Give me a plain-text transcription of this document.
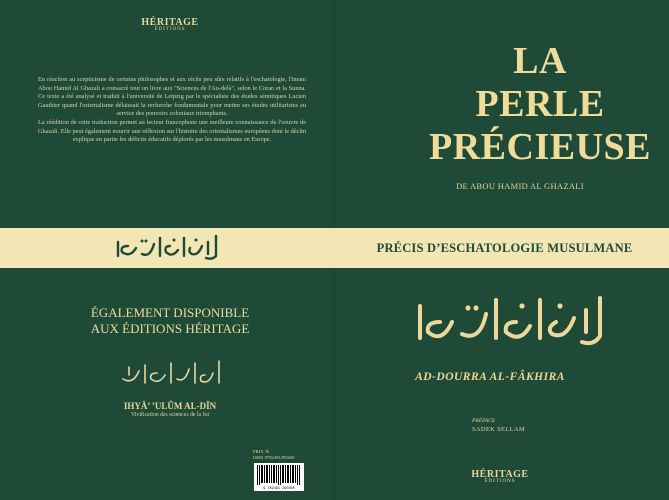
HÉRITAGE
ÉDITIONS

En réaction au scepticisme de certains philosophes et aux récits peu sûrs relatifs à l'eschatologie, l'imam Abou Hamid Al Ghazali a consacré tout un livre aux "Sciences de l'Au-delà", selon le Coran et la Sunna. Ce texte a été analysé et traduit à l'université de Leipzig par le spécialiste des études sémitiques Lucien Gauthier quand l'orientalisme délaissait la recherche fondamentale pour mettre ses études utilitaristes au service des pouvoirs coloniaux triomphants.

La réédition de cette traduction permet au lecteur francophone une meilleure connaissance de l'oeuvre de Ghazali. Elle peut également nourrir une réflexion sur l'histoire des orientalismes européens dont le déclin explique en partie les déficits éducatifs déplorés par les musulmans en Europe.

PRÉCIS D’ESCHATOLOGIE MUSULMANE
ÉGALEMENT DISPONIBLE
AUX ÉDITIONS HÉRITAGE
IHYÂ’ ’ULÛM AL-DÎN
Vivification des sciences de la foi
PRIX 7€
ISBN 9782491295040
9 782491 295040
LA
PERLE
PRÉCIEUSE
DE ABOU HAMID AL GHAZALI
AD-DOURRA AL-FÂKHIRA
PRÉFACE
SADEK SELLAM
HÉRITAGE
ÉDITIONS
